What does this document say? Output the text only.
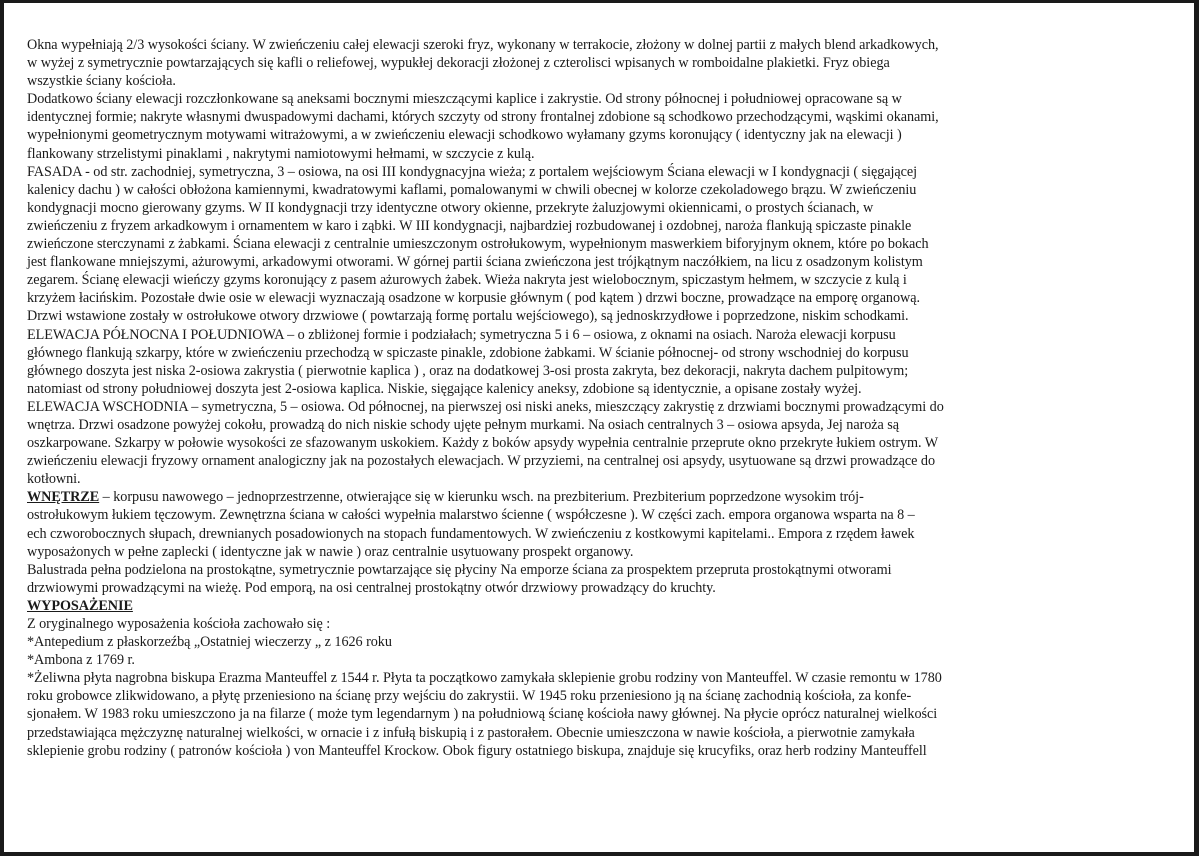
Okna wypełniają 2/3 wysokości ściany. W zwieńczeniu całej elewacji szeroki fryz, wykonany w terrakocie, złożony w dolnej partii z małych blend arkadkowych,
w wyżej z symetrycznie powtarzających się kafli o reliefowej, wypukłej dekoracji złożonej z czterolisci wpisanych w romboidalne plakietki. Fryz obiega
wszystkie ściany kościoła.
Dodatkowo ściany elewacji rozczłonkowane są aneksami bocznymi mieszczącymi kaplice i zakrystie. Od strony północnej i południowej opracowane są w
identycznej formie; nakryte własnymi dwuspadowymi dachami, których szczyty od strony frontalnej zdobione są schodkowo przechodzącymi, wąskimi okanami,
wypełnionymi geometrycznym motywami witrażowymi, a w zwieńczeniu elewacji schodkowo wyłamany gzyms koronujący ( identyczny jak na elewacji )
flankowany strzelistymi pinaklami , nakrytymi namiotowymi hełmami, w szczycie z kulą.
FASADA - od str. zachodniej, symetryczna, 3 – osiowa, na osi III kondygnacyjna wieża; z portalem wejściowym Ściana elewacji w I kondygnacji ( sięgającej
kalenicy dachu ) w całości obłożona kamiennymi, kwadratowymi kaflami, pomalowanymi w chwili obecnej w kolorze czekoladowego brązu. W zwieńczeniu
kondygnacji mocno gierowany gzyms. W II kondygnacji trzy identyczne otwory okienne, przekryte żaluzjowymi okiennicami, o prostych ścianach, w
zwieńczeniu z fryzem arkadkowym i ornamentem w karo i ząbki. W III kondygnacji, najbardziej rozbudowanej i ozdobnej, naroża flankują spiczaste pinakle
zwieńczone sterczynami z żabkami. Ściana elewacji z centralnie umieszczonym ostrołukowym, wypełnionym maswerkiem biforyjnym oknem, które po bokach
jest flankowane mniejszymi, ażurowymi, arkadowymi otworami. W górnej partii ściana zwieńczona jest trójkątnym naczółkiem, na licu z osadzonym kolistym
zegarem. Ścianę elewacji wieńczy gzyms koronujący z pasem ażurowych żabek. Wieża nakryta jest wielobocznym, spiczastym hełmem, w szczycie z kulą i
krzyżem łacińskim. Pozostałe dwie osie w elewacji wyznaczają osadzone w korpusie głównym ( pod kątem ) drzwi boczne, prowadzące na emporę organową.
Drzwi wstawione zostały w ostrołukowe otwory drzwiowe ( powtarzają formę portalu wejściowego), są jednoskrzydłowe i poprzedzone, niskim schodkami.
ELEWACJA PÓŁNOCNA I POŁUDNIOWA – o zbliżonej formie i podziałach; symetryczna 5 i 6 – osiowa, z oknami na osiach. Naroża elewacji korpusu
głównego flankują szkarpy, które w zwieńczeniu przechodzą w spiczaste pinakle, zdobione żabkami. W ścianie północnej- od strony wschodniej do korpusu
głównego doszyta jest niska 2-osiowa zakrystia ( pierwotnie kaplica ) , oraz na dodatkowej 3-osi prosta zakryta, bez dekoracji, nakryta dachem pulpitowym;
natomiast od strony południowej doszyta jest 2-osiowa kaplica. Niskie, sięgające kalenicy aneksy, zdobione są identycznie, a opisane zostały wyżej.
ELEWACJA WSCHODNIA – symetryczna, 5 – osiowa. Od północnej, na pierwszej osi niski aneks, mieszczący zakrystię z drzwiami bocznymi prowadzącymi do
wnętrza. Drzwi osadzone powyżej cokołu, prowadzą do nich niskie schody ujęte pełnym murkami. Na osiach centralnych 3 – osiowa apsyda, Jej naroża są
oszkarpowane. Szkarpy w połowie wysokości ze sfazowanym uskokiem. Każdy z boków apsydy wypełnia centralnie przeprute okno przekryte łukiem ostrym. W
zwieńczeniu elewacji fryzowy ornament analogiczny jak na pozostałych elewacjach. W przyziemi, na centralnej osi apsydy, usytuowane są drzwi prowadzące do
kotłowni.
WNĘTRZE – korpusu nawowego – jednoprzestrzenne, otwierające się w kierunku wsch. na prezbiterium. Prezbiterium poprzedzone wysokim trój-
ostrołukowym łukiem tęczowym. Zewnętrzna ściana w całości wypełnia malarstwo ścienne ( współczesne ). W części zach. empora organowa wsparta na 8 –
ech czworobocznych słupach, drewnianych posadowionych na stopach fundamentowych. W zwieńczeniu z kostkowymi kapitelami.. Empora z rzędem ławek
wyposażonych w pełne zaplecki ( identyczne jak w nawie ) oraz centralnie usytuowany prospekt organowy.
Balustrada pełna podzielona na prostokątne, symetrycznie powtarzające się płyciny Na emporze ściana za prospektem przepruta prostokątnymi otworami
drzwiowymi prowadzącymi na wieżę. Pod emporą, na osi centralnej prostokątny otwór drzwiowy prowadzący do kruchty.
WYPOSAŻENIE
Z oryginalnego wyposażenia kościoła zachowało się :
*Antepedium z płaskorzeźbą „Ostatniej wieczerzy „ z 1626 roku
*Ambona z 1769 r.
*Żeliwna płyta nagrobna biskupa Erazma Manteuffel z 1544 r. Płyta ta początkowo zamykała sklepienie grobu rodziny von Manteuffel. W czasie remontu w 1780
roku grobowce zlikwidowano, a płytę przeniesiono na ścianę przy wejściu do zakrystii. W 1945 roku przeniesiono ją na ścianę zachodnią kościoła, za konfe-
sjonałem. W 1983 roku umieszczono ja na filarze ( może tym legendarnym ) na południową ścianę kościoła nawy głównej. Na płycie oprócz naturalnej wielkości
przedstawiająca mężczyznę naturalnej wielkości, w ornacie i z infułą biskupią i z pastorałem. Obecnie umieszczona w nawie kościoła, a pierwotnie zamykała
sklepienie grobu rodziny ( patronów kościoła ) von Manteuffel Krockow. Obok figury ostatniego biskupa, znajduje się krucyfiks, oraz herb rodziny Manteuffell
